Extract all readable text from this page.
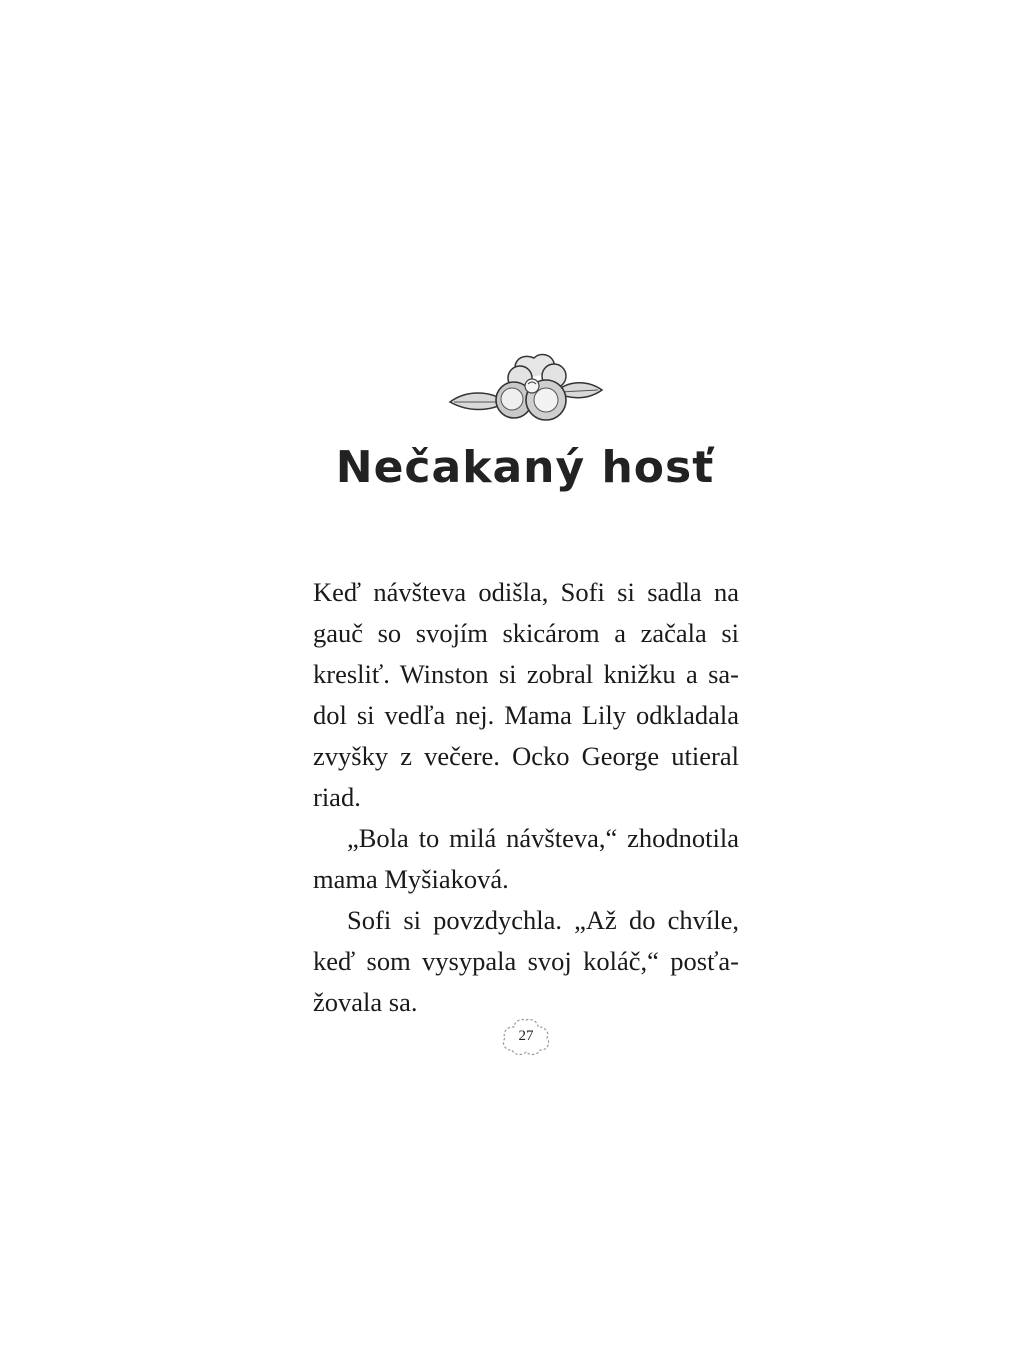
Nečakaný hosť
Keď návšteva odišla, Sofi si sadla na
gauč so svojím skicárom a začala si
kresliť. Winston si zobral knižku a sa-
dol si vedľa nej. Mama Lily odkladala
zvyšky z večere. Ocko George utieral
riad.
„Bola to milá návšteva,“ zhodnotila
mama Myšiaková.
Sofi si povzdychla. „Až do chvíle,
keď som vysypala svoj koláč,“ posťa-
žovala sa.
27
